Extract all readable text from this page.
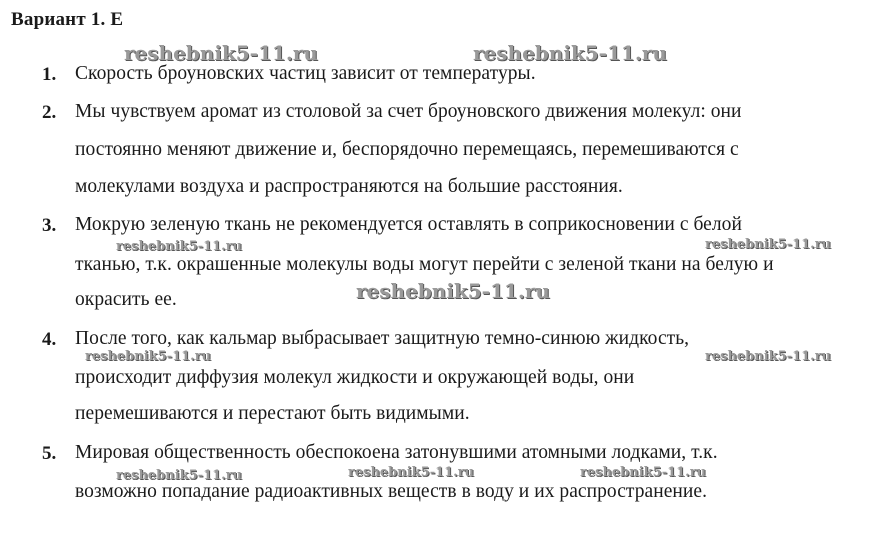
Вариант 1. Е
reshebnik5-11.ru	reshebnik5-11.ru
reshebnik5-11.ru	reshebnik5-11.ru
reshebnik5-11.ru
reshebnik5-11.ru	reshebnik5-11.ru
reshebnik5-11.ru	reshebnik5-11.ru	reshebnik5-11.ru
1. Скорость броуновских частиц зависит от температуры.
2. Мы чувствуем аромат из столовой за счет броуновского движения молекул: они
постоянно меняют движение и, беспорядочно перемещаясь, перемешиваются с
молекулами воздуха и распространяются на большие расстояния.
3. Мокрую зеленую ткань не рекомендуется оставлять в соприкосновении с белой
тканью, т.к. окрашенные молекулы воды могут перейти с зеленой ткани на белую и
окрасить ее.
4. После того, как кальмар выбрасывает защитную темно-синюю жидкость,
происходит диффузия молекул жидкости и окружающей воды, они
перемешиваются и перестают быть видимыми.
5. Мировая общественность обеспокоена затонувшими атомными лодками, т.к.
возможно попадание радиоактивных веществ в воду и их распространение.
